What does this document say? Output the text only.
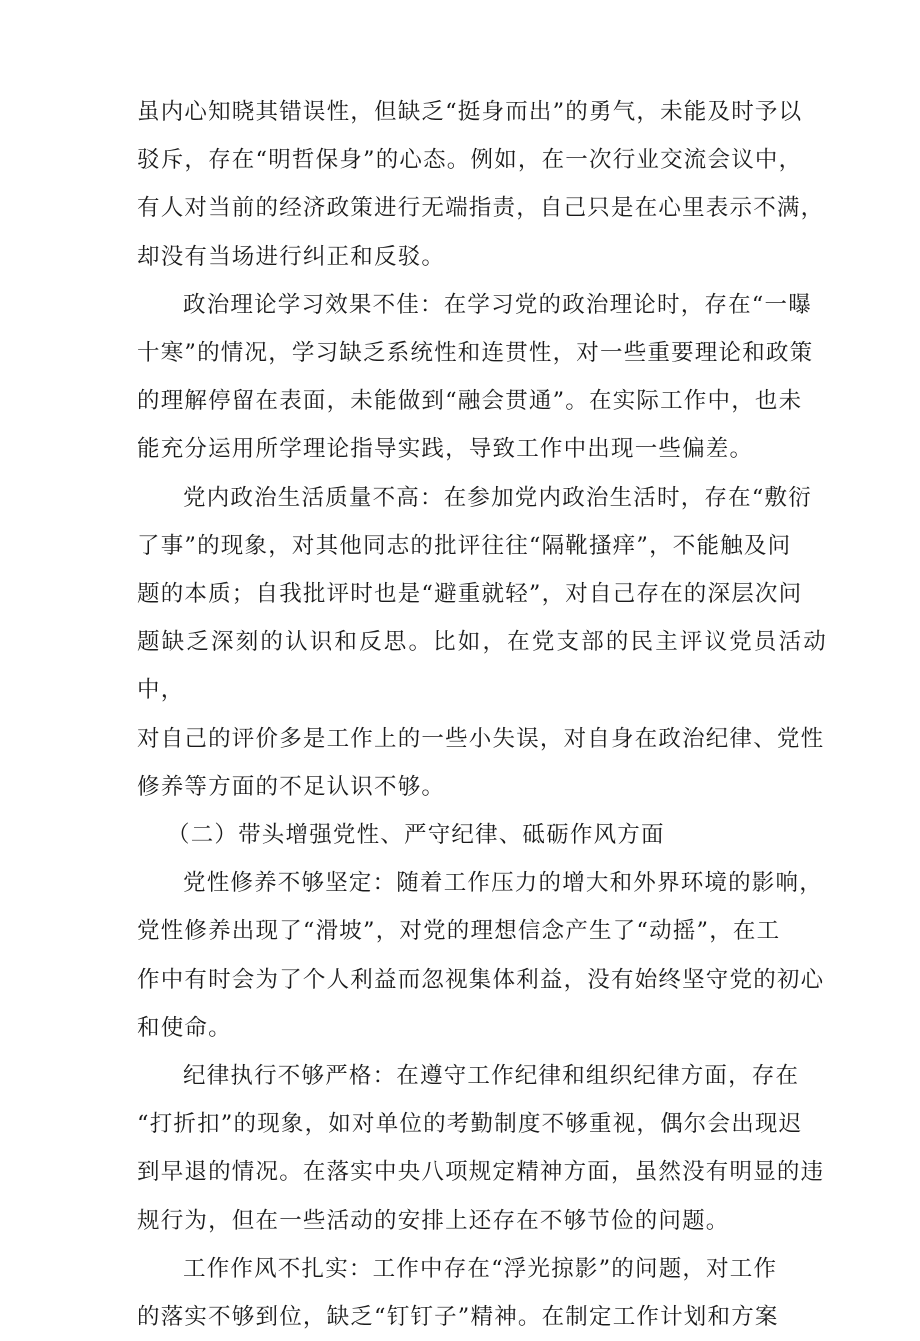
虽内心知晓其错误性，但缺乏“挺身而出”的勇气，未能及时予以
驳斥，存在“明哲保身”的心态。例如，在一次行业交流会议中，
有人对当前的经济政策进行无端指责，自己只是在心里表示不满，
却没有当场进行纠正和反驳。

政治理论学习效果不佳：在学习党的政治理论时，存在“一曝
十寒”的情况，学习缺乏系统性和连贯性，对一些重要理论和政策
的理解停留在表面，未能做到“融会贯通”。在实际工作中，也未
能充分运用所学理论指导实践，导致工作中出现一些偏差。

党内政治生活质量不高：在参加党内政治生活时，存在“敷衍
了事”的现象，对其他同志的批评往往“隔靴搔痒”，不能触及问
题的本质；自我批评时也是“避重就轻”，对自己存在的深层次问
题缺乏深刻的认识和反思。比如，在党支部的民主评议党员活动中，
对自己的评价多是工作上的一些小失误，对自身在政治纪律、党性
修养等方面的不足认识不够。

（二）带头增强党性、严守纪律、砥砺作风方面

党性修养不够坚定：随着工作压力的增大和外界环境的影响，
党性修养出现了“滑坡”，对党的理想信念产生了“动摇”，在工
作中有时会为了个人利益而忽视集体利益，没有始终坚守党的初心
和使命。

纪律执行不够严格：在遵守工作纪律和组织纪律方面，存在
“打折扣”的现象，如对单位的考勤制度不够重视，偶尔会出现迟
到早退的情况。在落实中央八项规定精神方面，虽然没有明显的违
规行为，但在一些活动的安排上还存在不够节俭的问题。

工作作风不扎实：工作中存在“浮光掠影”的问题，对工作
的落实不够到位，缺乏“钉钉子”精神。在制定工作计划和方案
